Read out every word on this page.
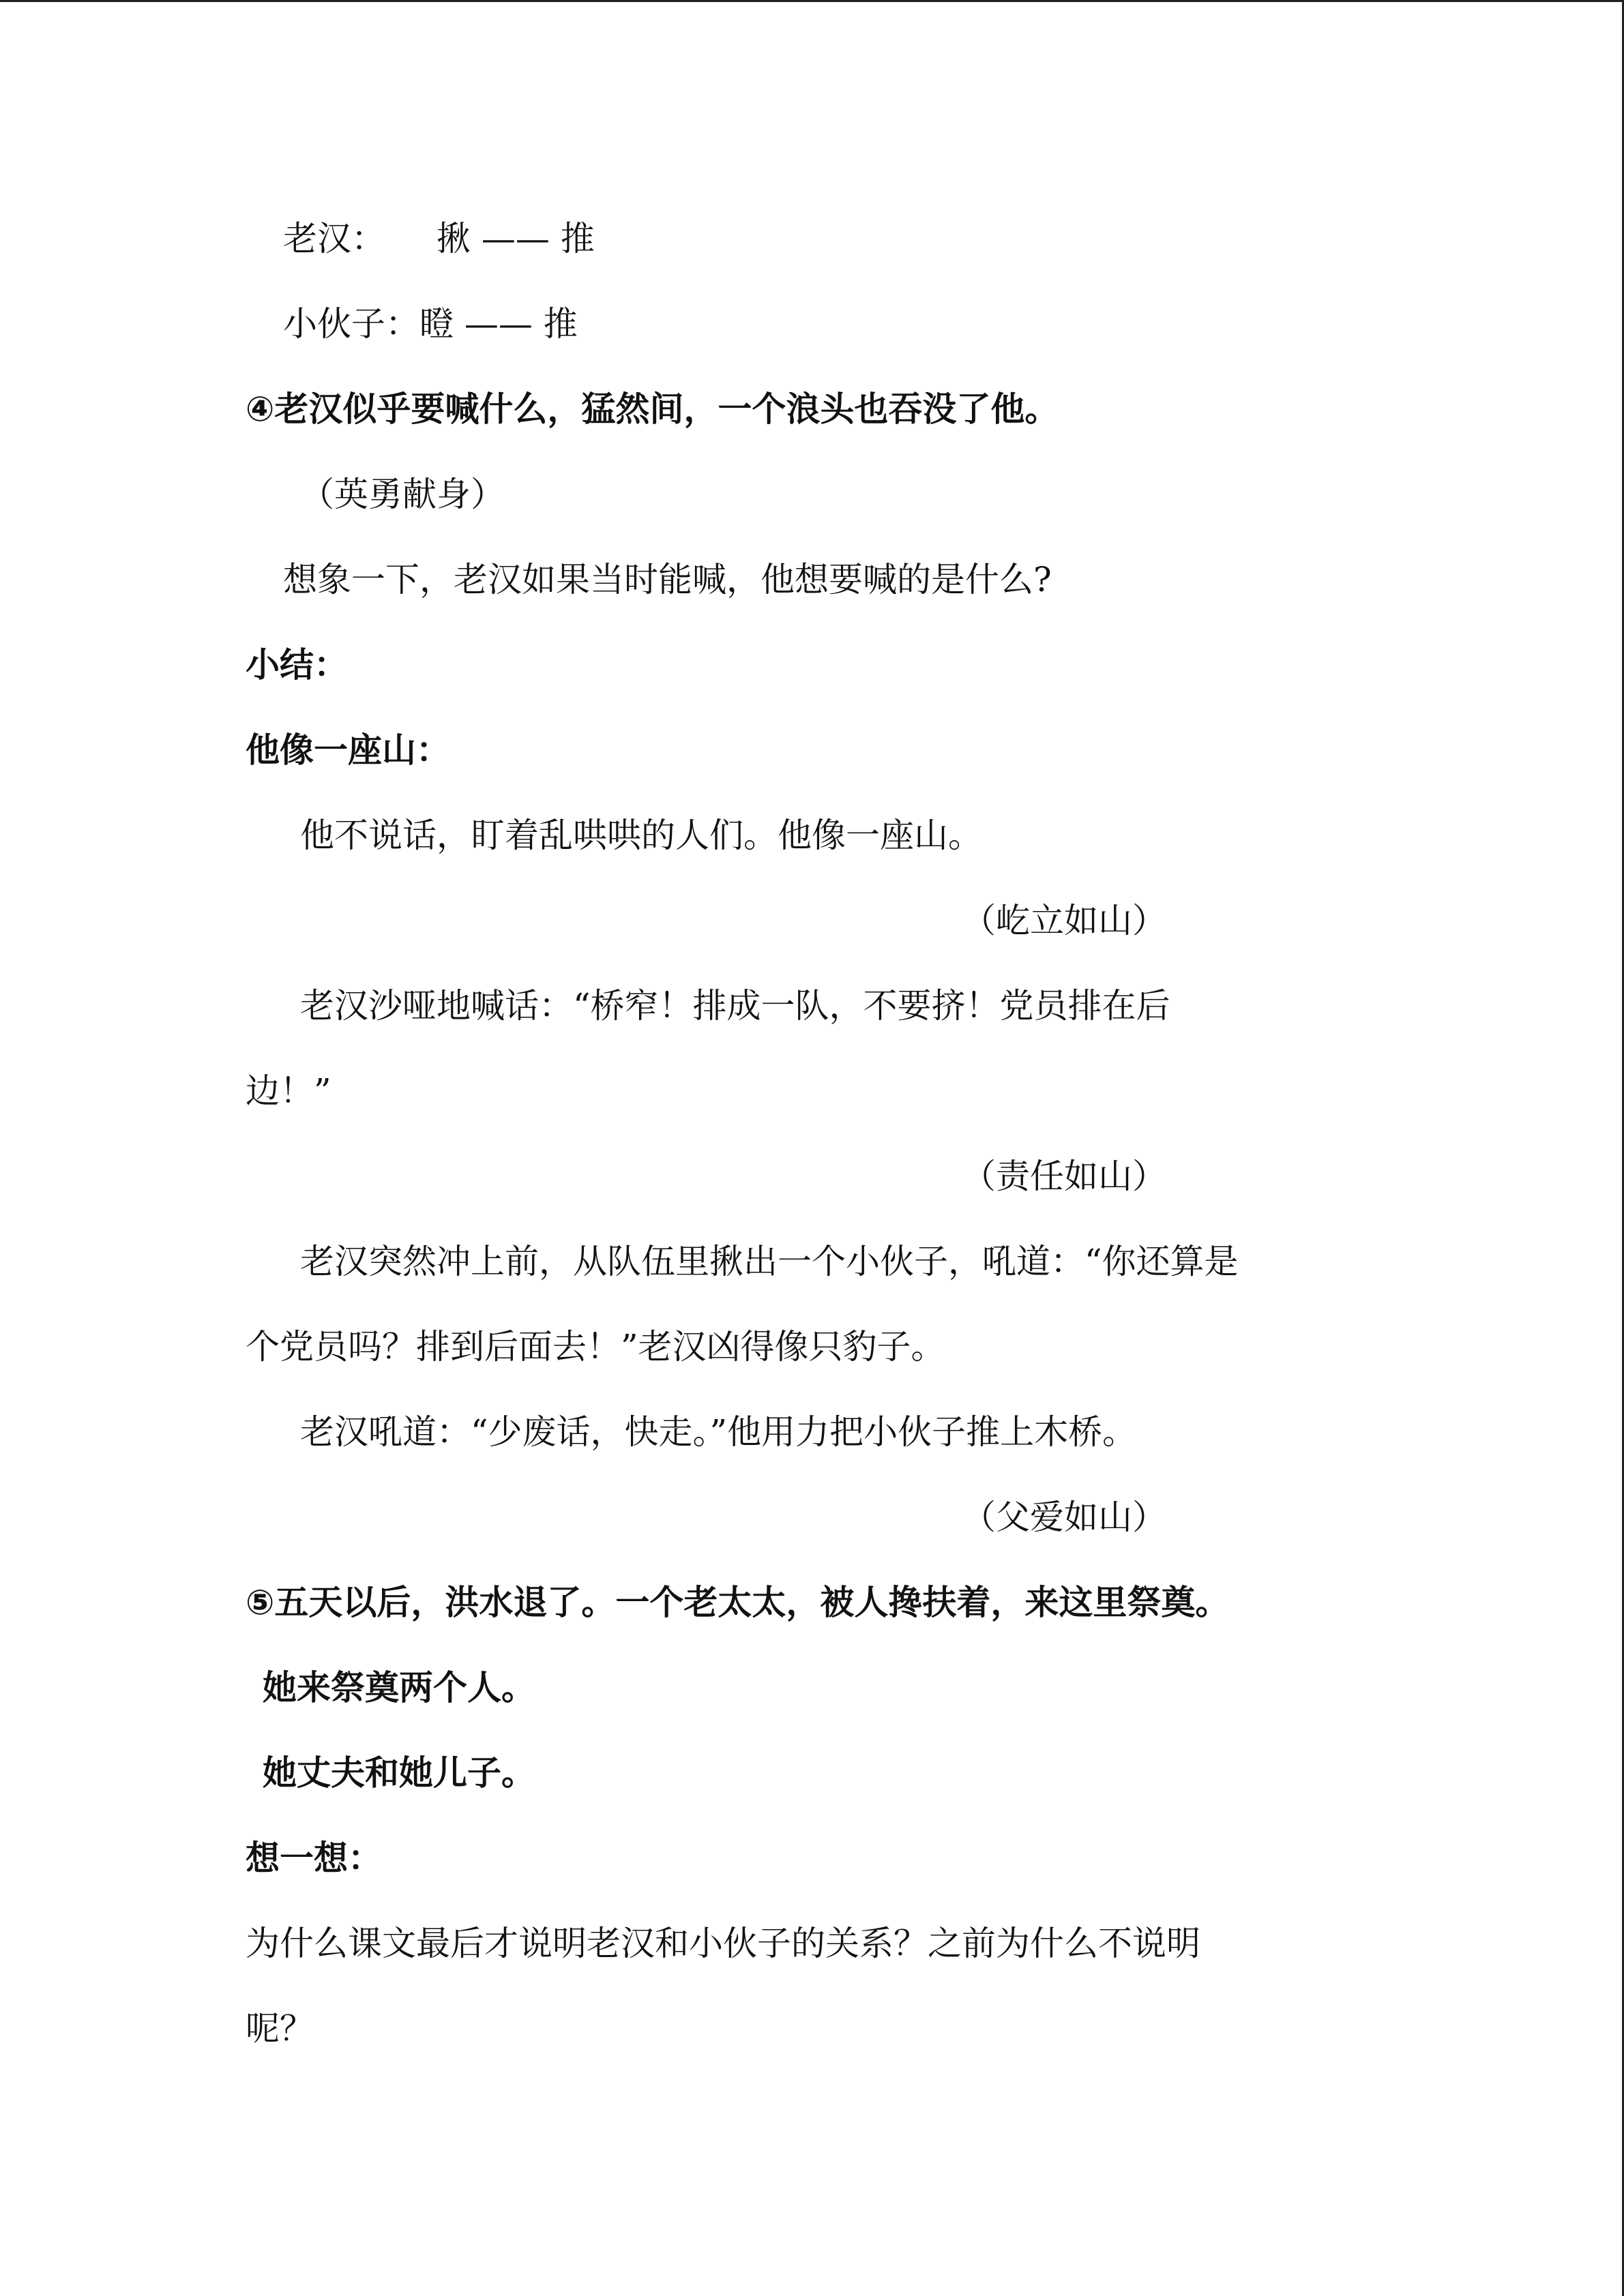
老汉：　　揪 —— 推
小伙子：瞪 —— 推
④老汉似乎要喊什么，猛然间，一个浪头也吞没了他。
（英勇献身）
想象一下，老汉如果当时能喊，他想要喊的是什么?
小结：
他像一座山：
他不说话，盯着乱哄哄的人们。他像一座山。
（屹立如山）
老汉沙哑地喊话：“桥窄！排成一队，不要挤！党员排在后
边！”
（责任如山）
老汉突然冲上前，从队伍里揪出一个小伙子，吼道：“你还算是
个党员吗？排到后面去！”老汉凶得像只豹子。
老汉吼道：“少废话，快走。”他用力把小伙子推上木桥。
（父爱如山）
⑤五天以后，洪水退了。一个老太太，被人搀扶着，来这里祭奠。
她来祭奠两个人。
她丈夫和她儿子。
想一想：
为什么课文最后才说明老汉和小伙子的关系？之前为什么不说明
呢？
